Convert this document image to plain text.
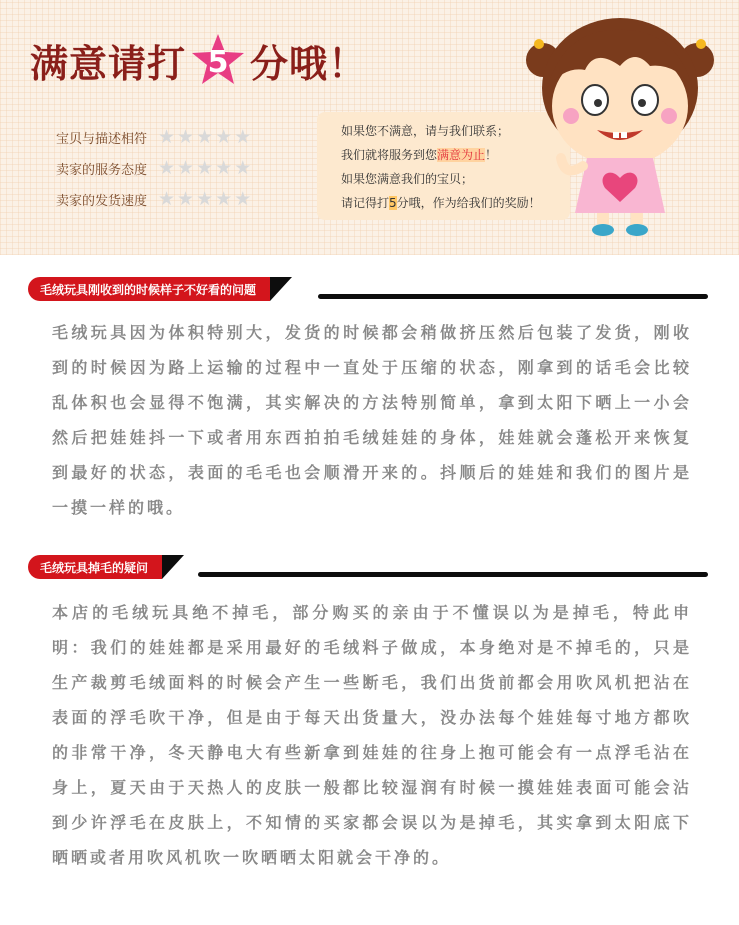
满意请打 5 分哦！
宝贝与描述相符 ★ ★ ★ ★ ★
卖家的服务态度 ★ ★ ★ ★ ★
卖家的发货速度 ★ ★ ★ ★ ★
如果您不满意，请与我们联系；
我们就将服务到您满意为止！
如果您满意我们的宝贝；
请记得打5分哦，作为给我们的奖励！
毛绒玩具刚收到的时候样子不好看的问题
毛绒玩具因为体积特别大，发货的时候都会稍做挤压然后包装了发货，刚收到的时候因为路上运输的过程中一直处于压缩的状态，刚拿到的话毛会比较乱体积也会显得不饱满，其实解决的方法特别简单，拿到太阳下晒上一小会然后把娃娃抖一下或者用东西拍拍毛绒娃娃的身体，娃娃就会蓬松开来恢复到最好的状态，表面的毛毛也会顺滑开来的。抖顺后的娃娃和我们的图片是一摸一样的哦。
毛绒玩具掉毛的疑问
本店的毛绒玩具绝不掉毛，部分购买的亲由于不懂误以为是掉毛，特此申明：我们的娃娃都是采用最好的毛绒料子做成，本身绝对是不掉毛的，只是生产裁剪毛绒面料的时候会产生一些断毛，我们出货前都会用吹风机把沾在表面的浮毛吹干净，但是由于每天出货量大，没办法每个娃娃每寸地方都吹的非常干净，冬天静电大有些新拿到娃娃的往身上抱可能会有一点浮毛沾在身上，夏天由于天热人的皮肤一般都比较湿润有时候一摸娃娃表面可能会沾到少许浮毛在皮肤上，不知情的买家都会误以为是掉毛，其实拿到太阳底下晒晒或者用吹风机吹一吹晒晒太阳就会干净的。
